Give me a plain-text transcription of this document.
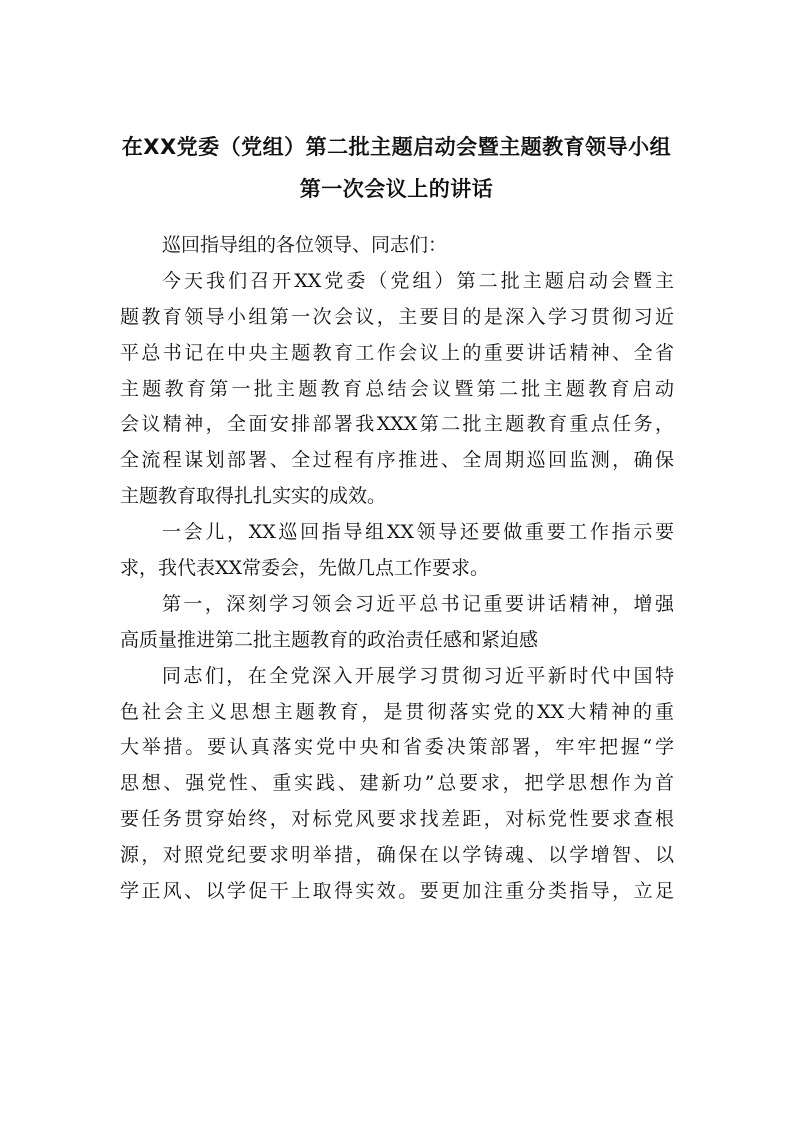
在XX党委（党组）第二批主题启动会暨主题教育领导小组
第一次会议上的讲话
巡回指导组的各位领导、同志们：
今天我们召开XX党委（党组）第二批主题启动会暨主
题教育领导小组第一次会议，主要目的是深入学习贯彻习近
平总书记在中央主题教育工作会议上的重要讲话精神、全省
主题教育第一批主题教育总结会议暨第二批主题教育启动
会议精神，全面安排部署我XXX第二批主题教育重点任务，
全流程谋划部署、全过程有序推进、全周期巡回监测，确保
主题教育取得扎扎实实的成效。
一会儿，XX巡回指导组XX领导还要做重要工作指示要
求，我代表XX常委会，先做几点工作要求。
第一，深刻学习领会习近平总书记重要讲话精神，增强
高质量推进第二批主题教育的政治责任感和紧迫感
同志们，在全党深入开展学习贯彻习近平新时代中国特
色社会主义思想主题教育，是贯彻落实党的XX大精神的重
大举措。要认真落实党中央和省委决策部署，牢牢把握“学
思想、强党性、重实践、建新功”总要求，把学思想作为首
要任务贯穿始终，对标党风要求找差距，对标党性要求查根
源，对照党纪要求明举措，确保在以学铸魂、以学增智、以
学正风、以学促干上取得实效。要更加注重分类指导，立足
